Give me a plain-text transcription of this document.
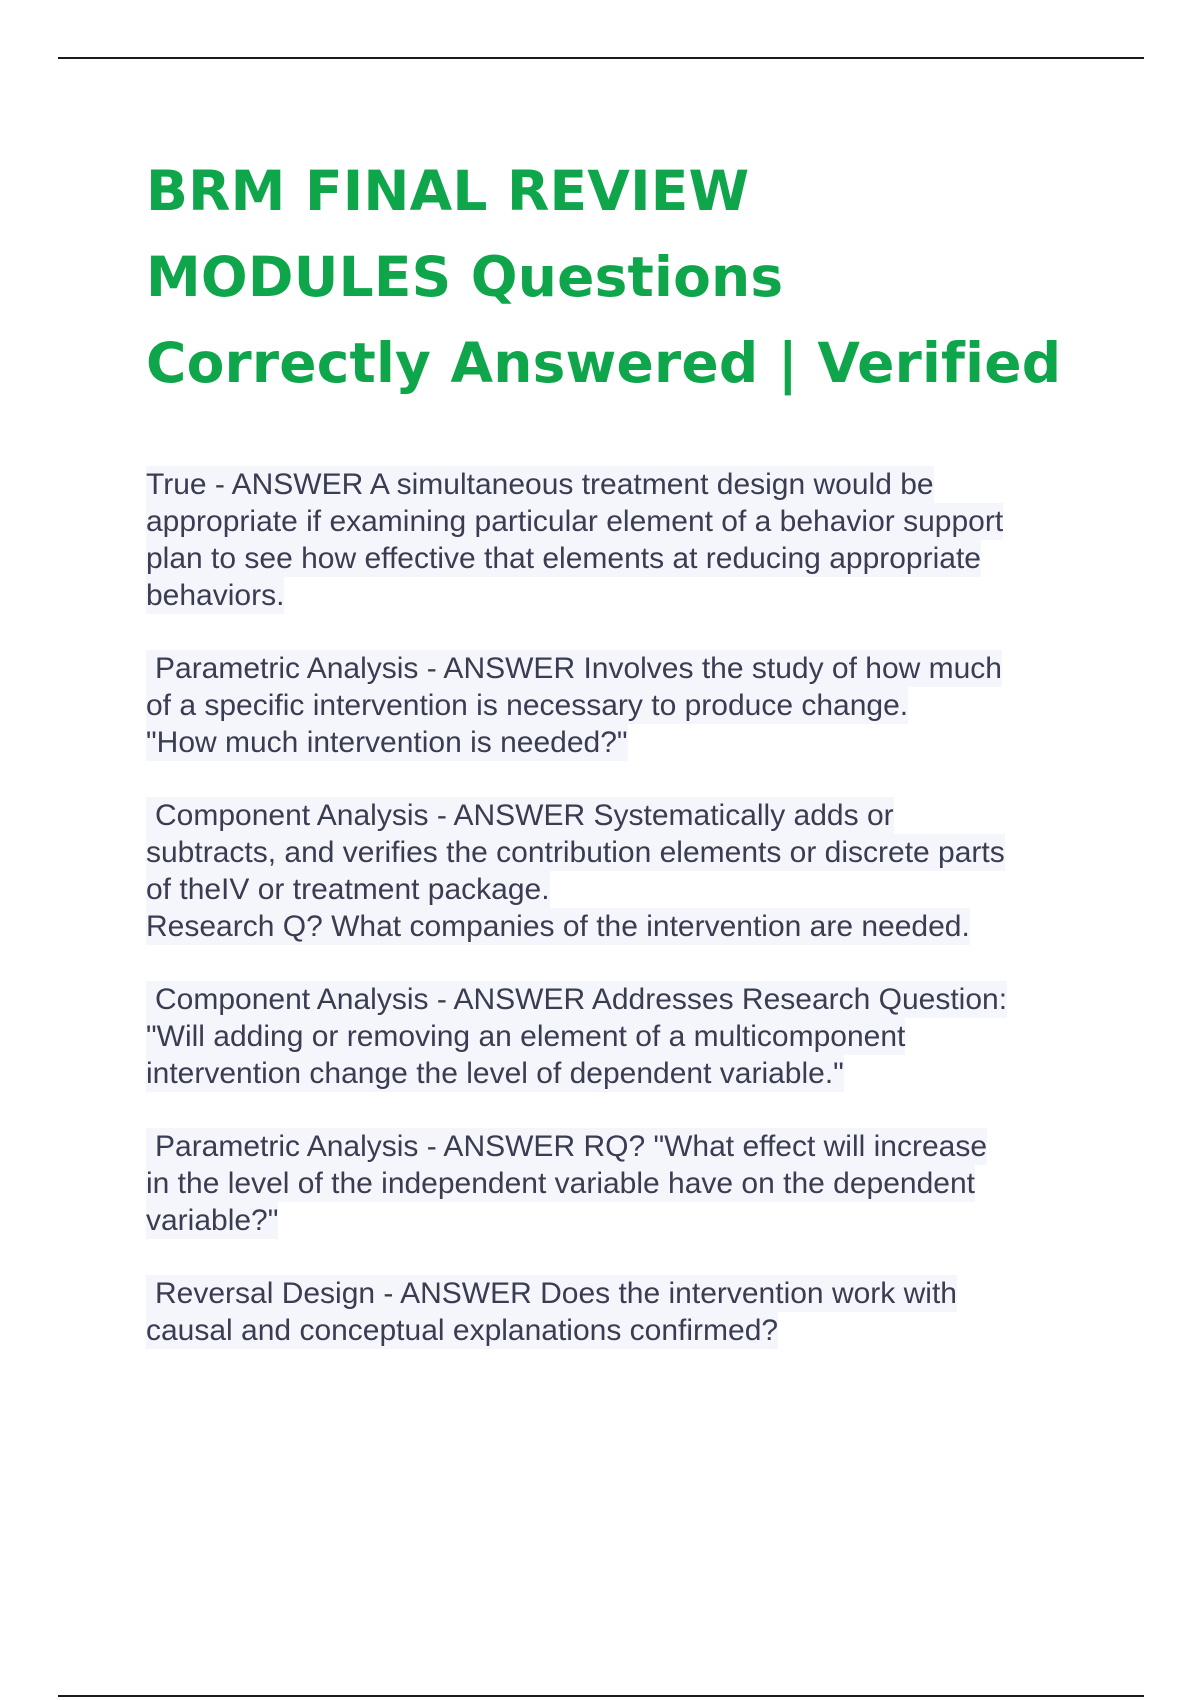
BRM FINAL REVIEW
MODULES Questions
Correctly Answered | Verified
True - ANSWER A simultaneous treatment design would be
appropriate if examining particular element of a behavior support
plan to see how effective that elements at reducing appropriate
behaviors.
Parametric Analysis - ANSWER Involves the study of how much
of a specific intervention is necessary to produce change.
"How much intervention is needed?"
Component Analysis - ANSWER Systematically adds or
subtracts, and verifies the contribution elements or discrete parts
of theIV or treatment package.
Research Q? What companies of the intervention are needed.
Component Analysis - ANSWER Addresses Research Question:
"Will adding or removing an element of a multicomponent
intervention change the level of dependent variable."
Parametric Analysis - ANSWER RQ? "What effect will increase
in the level of the independent variable have on the dependent
variable?"
Reversal Design - ANSWER Does the intervention work with
causal and conceptual explanations confirmed?
